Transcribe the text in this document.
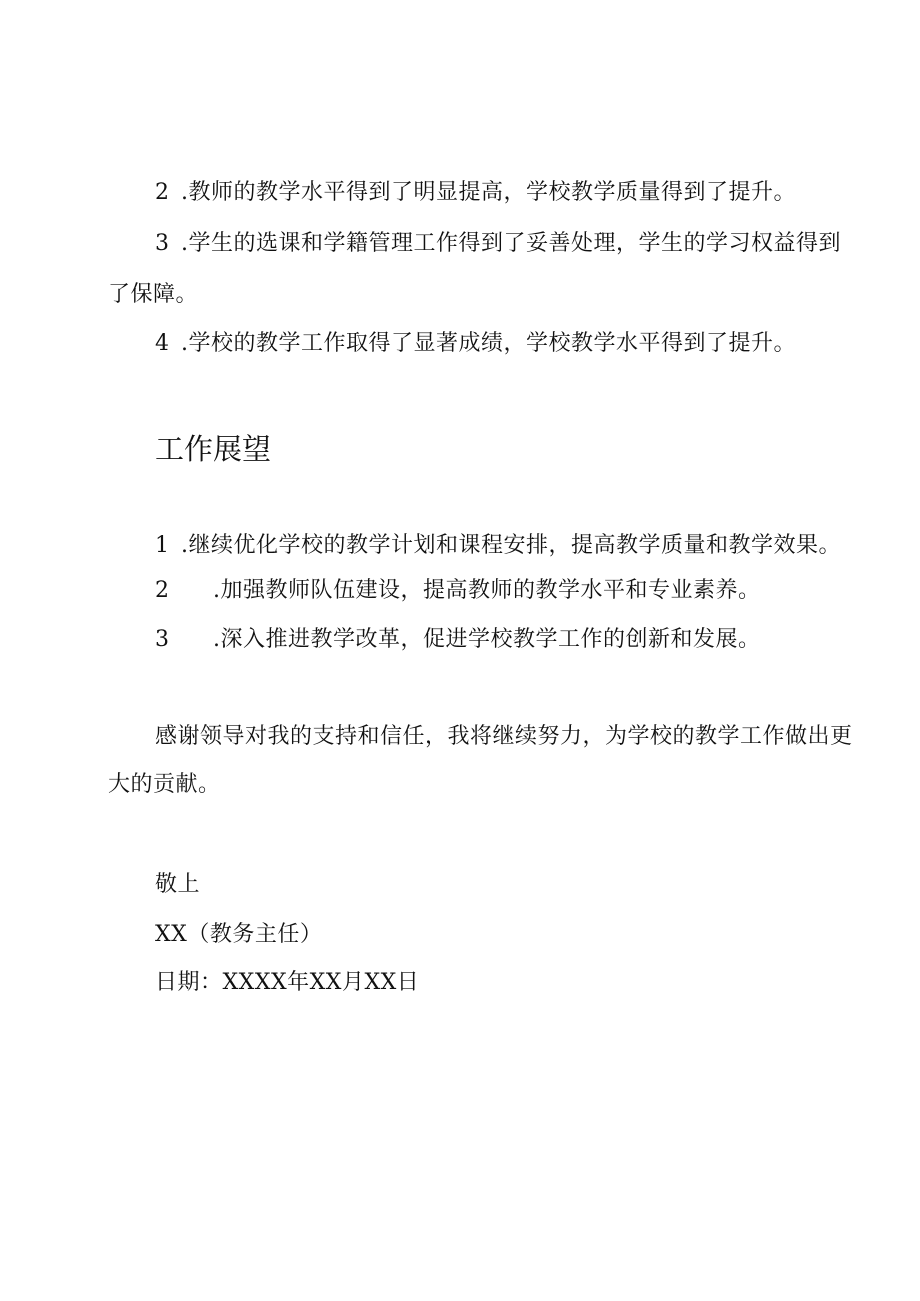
2 .教师的教学水平得到了明显提高，学校教学质量得到了提升。
3 .学生的选课和学籍管理工作得到了妥善处理，学生的学习权益得到
了保障。
4 .学校的教学工作取得了显著成绩，学校教学水平得到了提升。
工作展望
1 .继续优化学校的教学计划和课程安排，提高教学质量和教学效果。
2 .加强教师队伍建设，提高教师的教学水平和专业素养。
3 .深入推进教学改革，促进学校教学工作的创新和发展。
感谢领导对我的支持和信任，我将继续努力，为学校的教学工作做出更
大的贡献。
敬上
XX（教务主任）
日期：XXXX年XX月XX日
